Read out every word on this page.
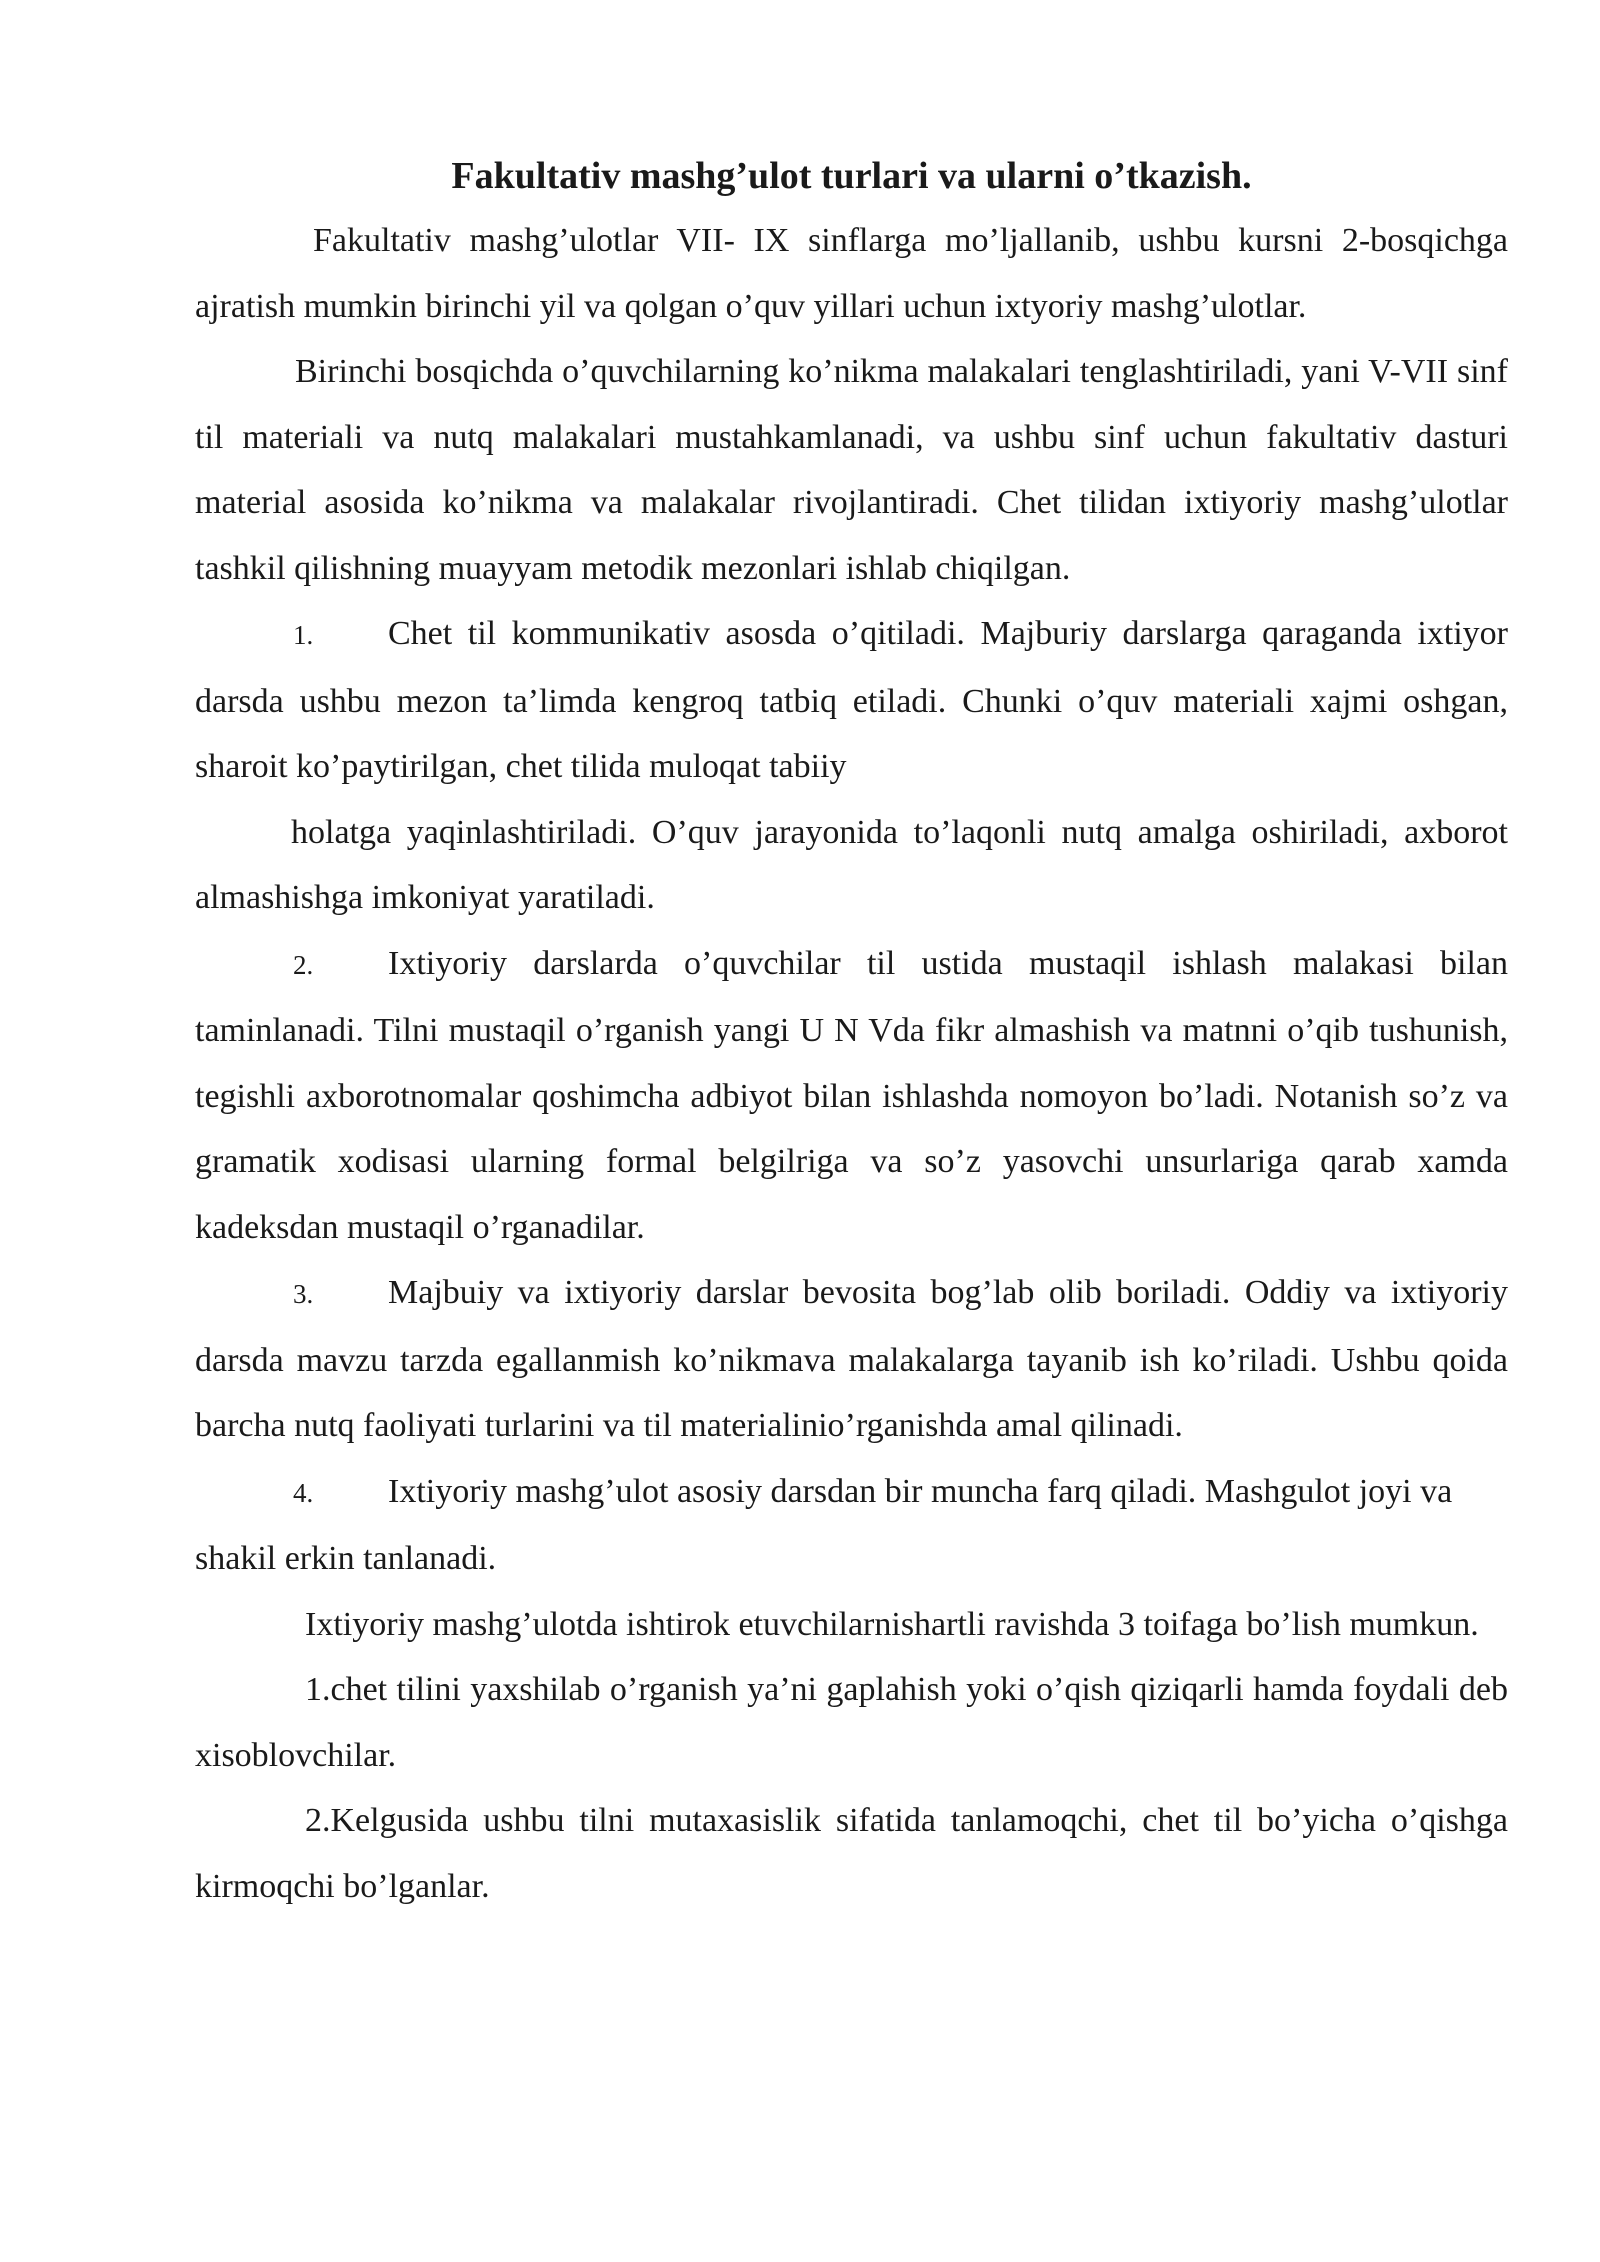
Fakultativ mashg’ulot turlari va ularni o’tkazish.

Fakultativ mashg’ulotlar VII- IX sinflarga mo’ljallanib, ushbu kursni 2-bosqichga ajratish mumkin birinchi yil va qolgan o’quv yillari uchun ixtyoriy mashg’ulotlar.

Birinchi bosqichda o’quvchilarning ko’nikma malakalari tenglashtiriladi, yani V-VII sinf til materiali va nutq malakalari mustahkamlanadi, va ushbu sinf uchun fakultativ dasturi material asosida ko’nikma va malakalar rivojlantiradi. Chet tilidan ixtiyoriy mashg’ulotlar tashkil qilishning muayyam metodik mezonlari ishlab chiqilgan.

1. Chet til kommunikativ asosda o’qitiladi. Majburiy darslarga qaraganda ixtiyor darsda ushbu mezon ta’limda kengroq tatbiq etiladi. Chunki o’quv materiali xajmi oshgan, sharoit ko’paytirilgan, chet tilida muloqat tabiiy

holatga yaqinlashtiriladi. O’quv jarayonida to’laqonli nutq amalga oshiriladi, axborot almashishga imkoniyat yaratiladi.

2. Ixtiyoriy darslarda o’quvchilar til ustida mustaqil ishlash malakasi bilan taminlanadi. Tilni mustaqil o’rganish yangi U N Vda fikr almashish va matnni o’qib tushunish, tegishli axborotnomalar qoshimcha adbiyot bilan ishlashda nomoyon bo’ladi. Notanish so’z va gramatik xodisasi ularning formal belgilriga va so’z yasovchi unsurlariga qarab xamda kadeksdan mustaqil o’rganadilar.

3. Majbuiy va ixtiyoriy darslar bevosita bog’lab olib boriladi. Oddiy va ixtiyoriy darsda mavzu tarzda egallanmish ko’nikmava malakalarga tayanib ish ko’riladi. Ushbu qoida barcha nutq faoliyati turlarini va til materialinio’rganishda amal qilinadi.

4. Ixtiyoriy mashg’ulot asosiy darsdan bir muncha farq qiladi. Mashgulot joyi va shakil erkin tanlanadi.

Ixtiyoriy mashg’ulotda ishtirok etuvchilarnishartli ravishda 3 toifaga bo’lish mumkun.

1.chet tilini yaxshilab o’rganish ya’ni gaplahish yoki o’qish qiziqarli hamda foydali deb xisoblovchilar.

2.Kelgusida ushbu tilni mutaxasislik sifatida tanlamoqchi, chet til bo’yicha o’qishga kirmoqchi bo’lganlar.
